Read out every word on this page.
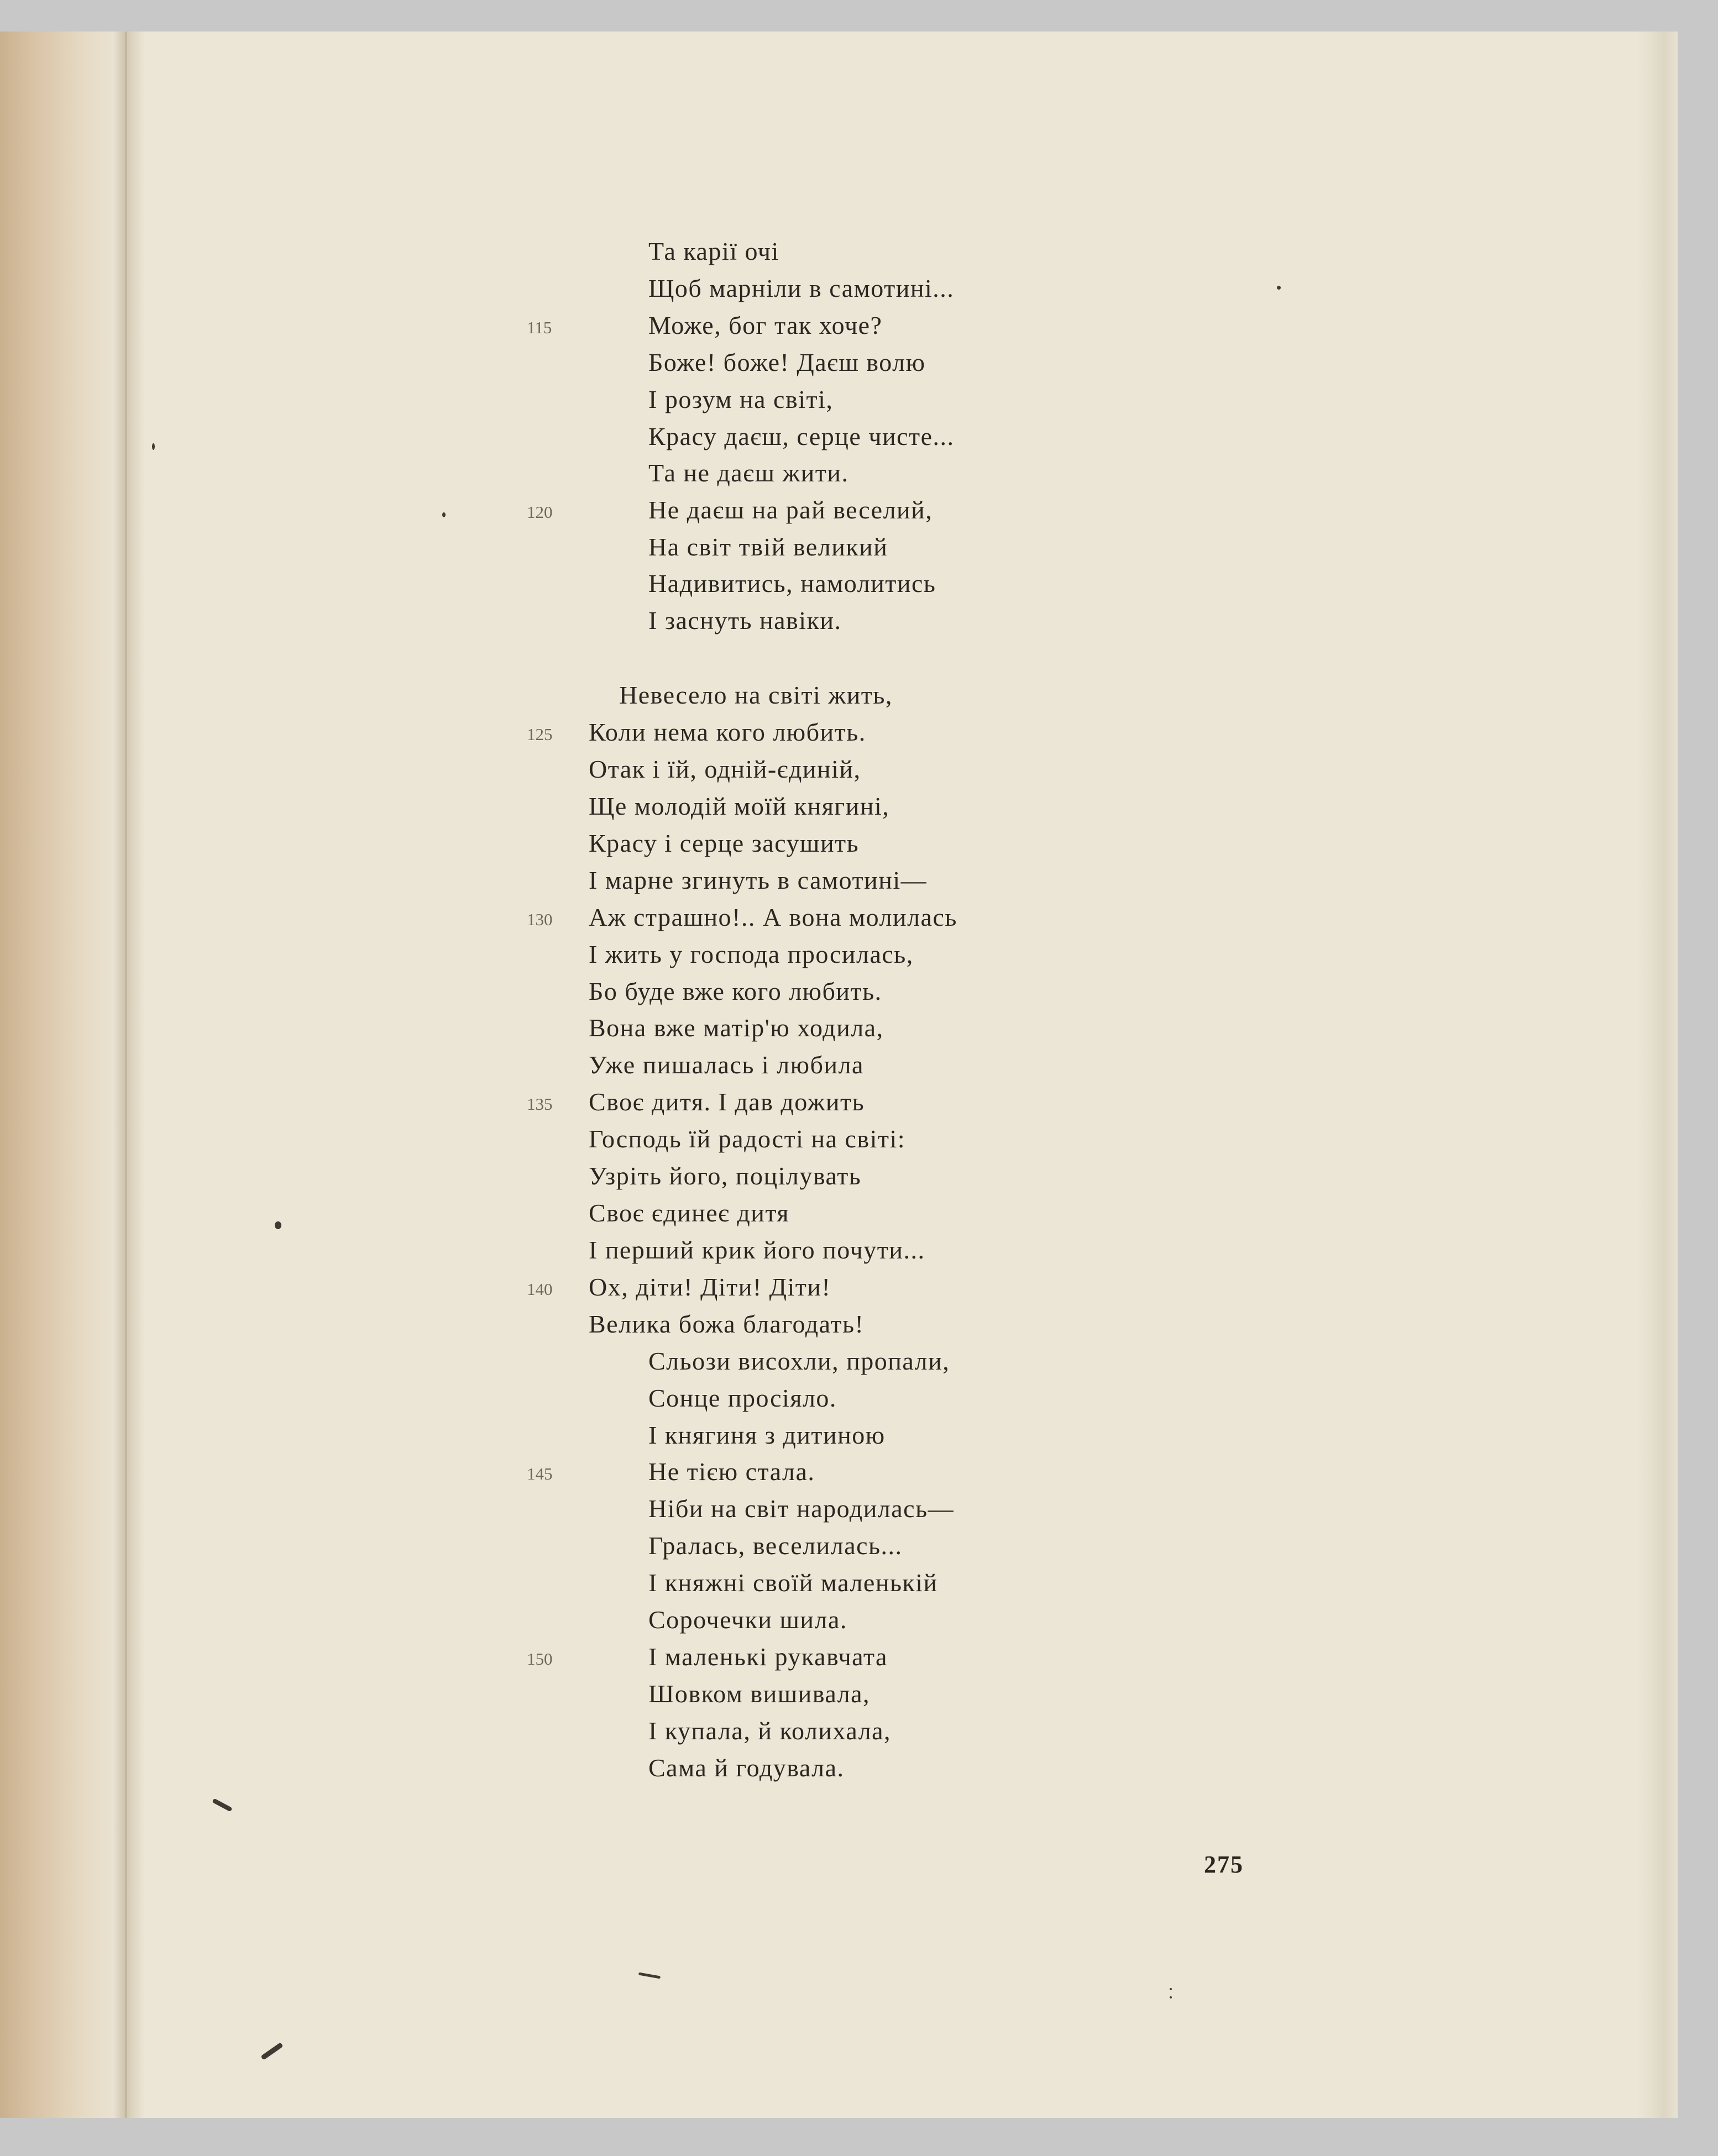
Та карії очі
Щоб марніли в самотині...
Може, бог так хоче?
Боже! боже! Даєш волю
І розум на світі,
Красу даєш, серце чисте...
Та не даєш жити.
Не даєш на рай веселий,
На світ твій великий
Надивитись, намолитись
І заснуть навіки.
Невесело на світі жить,
Коли нема кого любить.
Отак і їй, одній-єдиній,
Ще молодій моїй княгині,
Красу і серце засушить
І марне згинуть в самотині—
Аж страшно!.. А вона молилась
І жить у господа просилась,
Бо буде вже кого любить.
Вона вже матір'ю ходила,
Уже пишалась і любила
Своє дитя. І дав дожить
Господь їй радості на світі:
Узріть його, поцілувать
Своє єдинеє дитя
І перший крик його почути...
Ох, діти! Діти! Діти!
Велика божа благодать!
Сльози висохли, пропали,
Сонце просіяло.
І княгиня з дитиною
Не тією стала.
Ніби на світ народилась—
Гралась, веселилась...
І княжні своїй маленькій
Сорочечки шила.
І маленькі рукавчата
Шовком вишивала,
І купала, й колихала,
Сама й годувала.
115
120
125
130
135
140
145
150
275
